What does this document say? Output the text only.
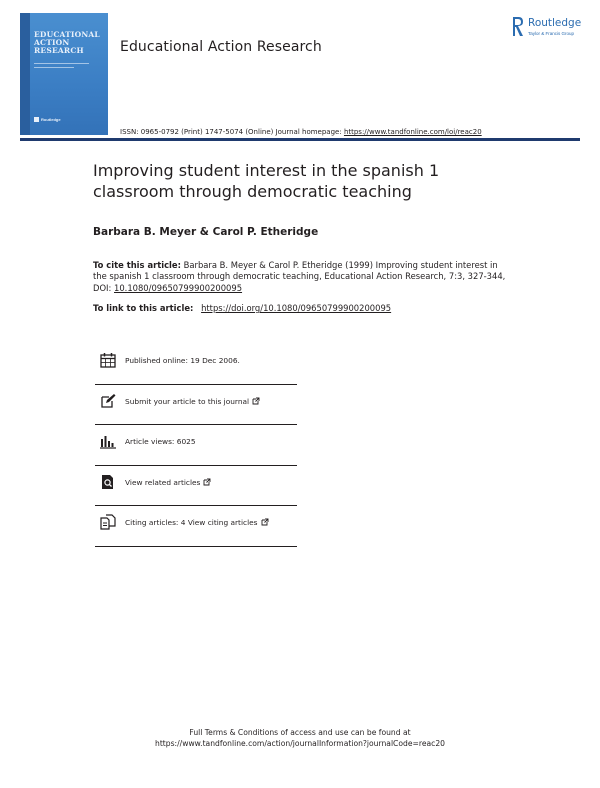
EDUCATIONAL
ACTION
RESEARCH
Routledge
Educational Action Research
Routledge
Taylor & Francis Group
ISSN: 0965-0792 (Print) 1747-5074 (Online) Journal homepage: https://www.tandfonline.com/loi/reac20
Improving student interest in the spanish 1 classroom through democratic teaching
Barbara B. Meyer & Carol P. Etheridge
To cite this article: Barbara B. Meyer & Carol P. Etheridge (1999) Improving student interest in the spanish 1 classroom through democratic teaching, Educational Action Research, 7:3, 327-344, DOI: 10.1080/09650799900200095
To link to this article: https://doi.org/10.1080/09650799900200095
Published online: 19 Dec 2006.
Submit your article to this journal
Article views: 6025
View related articles
Citing articles: 4 View citing articles
Full Terms & Conditions of access and use can be found at
https://www.tandfonline.com/action/journalInformation?journalCode=reac20
